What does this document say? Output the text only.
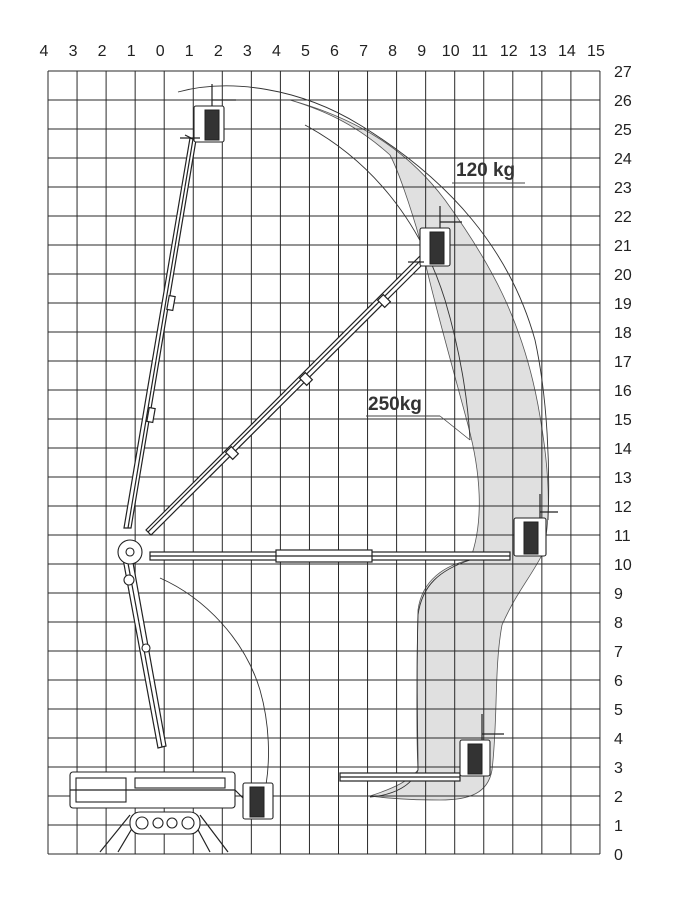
4 3 2 1 0 1 2 3 4 5 6 7 8 9 10 11 12 13 14 15
27
26
25
24
23
22
21
20
19
18
17
16
15
14
13
12
11
10
9
8
7
6
5
4
3
2
1
0
120 kg
250kg
